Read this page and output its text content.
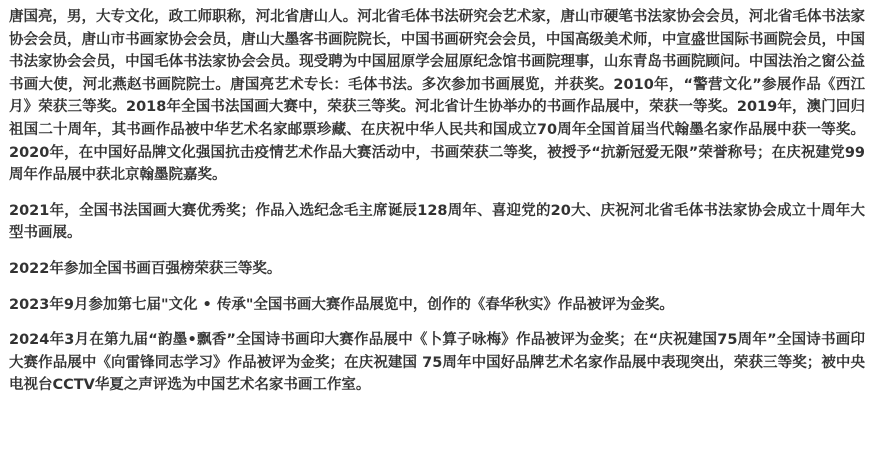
唐国亮，男，大专文化，政工师职称，河北省唐山人。河北省毛体书法研究会艺术家，唐山市硬笔书法家协会会员，河北省毛体书法家协会会员，唐山市书画家协会会员，唐山大墨客书画院院长，中国书画研究会会员，中国高级美术师，中宣盛世国际书画院会员，中国书法家协会会员，中国毛体书法家协会会员。现受聘为中国屈原学会屈原纪念馆书画院理事，山东青岛书画院顾问。中国法治之窗公益书画大使，河北燕赵书画院院士。唐国亮艺术专长：毛体书法。多次参加书画展览，并获奖。2010年，“警营文化”参展作品《西江月》荣获三等奖。2018年全国书法国画大赛中，荣获三等奖。河北省计生协举办的书画作品展中，荣获一等奖。2019年，澳门回归祖国二十周年，其书画作品被中华艺术名家邮票珍藏、在庆祝中华人民共和国成立70周年全国首届当代翰墨名家作品展中获一等奖。2020年，在中国好品牌文化强国抗击疫情艺术作品大赛活动中，书画荣获二等奖，被授予“抗新冠爱无限”荣誉称号；在庆祝建党99周年作品展中获北京翰墨院嘉奖。

2021年，全国书法国画大赛优秀奖；作品入选纪念毛主席诞辰128周年、喜迎党的20大、庆祝河北省毛体书法家协会成立十周年大型书画展。

2022年参加全国书画百强榜荣获三等奖。

2023年9月参加第七届"文化 • 传承"全国书画大赛作品展览中，创作的《春华秋实》作品被评为金奖。

2024年3月在第九届“韵墨•飘香”全国诗书画印大赛作品展中《卜算子咏梅》作品被评为金奖；在“庆祝建国75周年”全国诗书画印大赛作品展中《向雷锋同志学习》作品被评为金奖；在庆祝建国 75周年中国好品牌艺术名家作品展中表现突出，荣获三等奖；被中央电视台CCTV华夏之声评选为中国艺术名家书画工作室。
